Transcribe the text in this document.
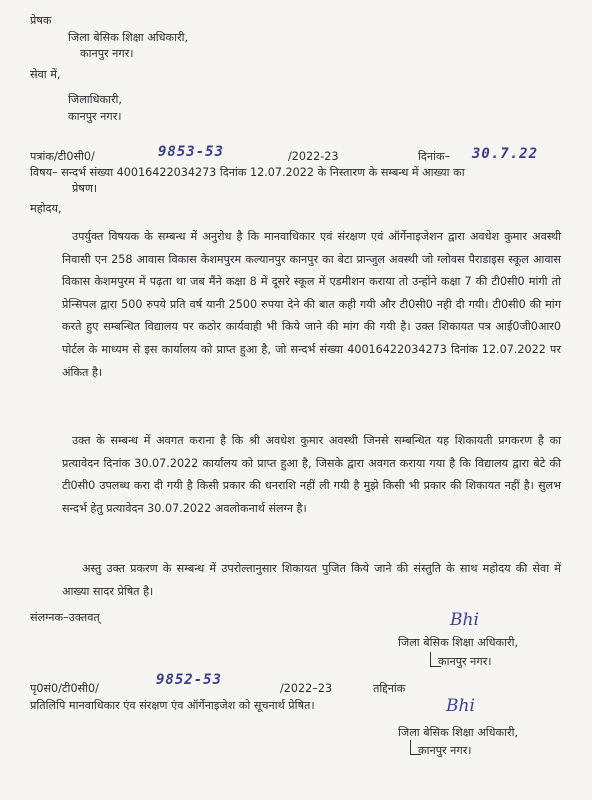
प्रेषक
जिला बेसिक शिक्षा अधिकारी,
कानपुर नगर।
सेवा में,
जिलाधिकारी,
कानपुर नगर।
पत्रांक/टी0सी0/	9853-53	/2022-23	दिनांक– 30.7.22
विषय– सन्दर्भ संख्या 40016422034273 दिनांक 12.07.2022 के निस्तारण के सम्बन्ध में आख्या का
प्रेषण।
महोदय,
उपर्युक्त विषयक के सम्बन्ध में अनुरोध है कि मानवाधिकार एवं संरक्षण एवं ऑर्गेनाइजेशन द्वारा अवधेश कुमार अवस्थी निवासी एन 258 आवास विकास केशमपुरम कल्यानपुर कानपुर का बेटा प्रान्जुल अवस्थी जो ग्लोवस पैराडाइस स्कूल आवास विकास केशमपुरम में पढ़ता था जब मैंने कक्षा 8 में दूसरे स्कूल में एडमीशन कराया तो उन्होंने कक्षा 7 की टी0सी0 मांगी तो प्रेन्सिपल द्वारा 500 रुपये प्रति वर्ष यानी 2500 रुपया देने की बात कही गयी और टी0सी0 नही दी गयी। टी0सी0 की मांग करते हुए सम्बन्धित विद्यालय पर कठोर कार्यवाही भी किये जाने की मांग की गयी है। उक्त शिकायत पत्र आई0जी0आर0 पोर्टल के माध्यम से इस कार्यालय को प्राप्त हुआ है, जो सन्दर्भ संख्या 40016422034273 दिनांक 12.07.2022 पर अंकित है।
उक्त के सम्बन्ध में अवगत कराना है कि श्री अवधेश कुमार अवस्थी जिनसे सम्बन्धित यह शिकायती प्रगकरण है का प्रत्यावेदन दिनांक 30.07.2022 कार्यालय को प्राप्त हुआ है, जिसके द्वारा अवगत कराया गया है कि विद्यालय द्वारा बेटे की टी0सी0 उपलब्ध करा दी गयी है किसी प्रकार की धनराशि नहीं ली गयी है मुझे किसी भी प्रकार की शिकायत नहीं है। सुलभ सन्दर्भ हेतु प्रत्यावेदन 30.07.2022 अवलोकनार्थ संलग्न है।
अस्तु उक्त प्रकरण के सम्बन्ध में उपरोल्तानुसार शिकायत पुजित किये जाने की संस्तुति के साथ महोदय की सेवा में आख्या सादर प्रेषित है।
संलग्नक–उक्तवत्	Bhi
जिला बेसिक शिक्षा अधिकारी,
कानपुर नगर।
पृ0सं0/टी0सी0/
9852-53
/2022–23	तद्दिनांक
प्रतिलिपि मानवाधिकार एंव संरक्षण एंव ऑर्गेनाइजेश को सूचनार्थ प्रेषित।	Bhi
जिला बेसिक शिक्षा अधिकारी,
कानपुर नगर।
